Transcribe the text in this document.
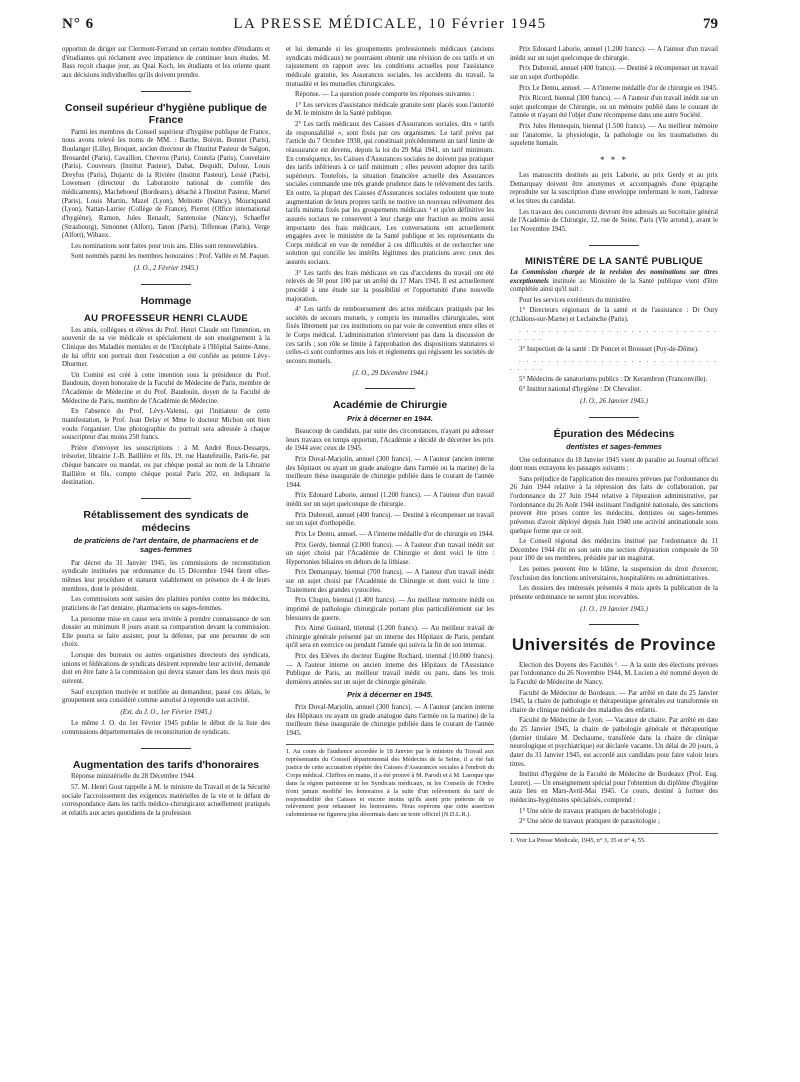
N° 6	LA PRESSE MÉDICALE, 10 Février 1945	79

opportun de diriger sur Clermont-Ferrand un certain nombre d'étudiants et d'étudiantes qui réclament avec impatience de continuer leurs études. M. Bass reçoit chaque jour, au Quai Koch, les étudiants et les oriente quant aux décisions individuelles qu'ils doivent prendre.

Conseil supérieur d'hygiène publique de France

Parmi les membres du Conseil supérieur d'hygiène publique de France, nous avons relevé les noms de MM. : Barthe, Boivin, Bonnet (Paris), Boulanger (Lille), Broquet, ancien directeur de l'Institut Pasteur de Saïgon, Brouardel (Paris), Cavaillon, Chevrou (Paris), Coutela (Paris), Couvelaire (Paris), Couvreurs (Institut Pasteur), Dabat, Dequidt, Dufour, Louis Dreyfus (Paris), Dujarric de la Rivière (Institut Pasteur), Lessé (Paris), Lowensen (directeur du Laboratoire national de contrôle des médicaments), Macheboeuf (Bordeaux), détaché à l'Institut Pasteur, Martel (Paris), Louis Martin, Mazel (Lyon), Melnotte (Nancy), Mouriquand (Lyon), Nattan-Larrier (Collège de France), Pierret (Office international d'hygiène), Ramon, Jules Renault, Santenoise (Nancy), Schaeffer (Strasbourg), Simonnet (Alfort), Tanon (Paris), Tiffeneau (Paris), Verge (Alfort), Wibaux.

Les nominations sont faites pour trois ans. Elles sont renouvelables.

Sont nommés parmi les membres honoraires : Prof. Vallée et M. Paquet.

(J. O., 2 Février 1945.)
Hommage
AU PROFESSEUR HENRI CLAUDE

Les amis, collègues et élèves du Prof. Henri Claude ont l'intention, en souvenir de sa vie médicale et spécialement de son enseignement à la Clinique des Maladies mentales et de l'Encéphale à l'Hôpital Sainte-Anne, de lui offrir son portrait dont l'exécution a été confiée au peintre Lévy-Dhurmer.

Un Comité est créé à cette intention sous la présidence du Prof. Baudouin, doyen honoraire de la Faculté de Médecine de Paris, membre de l'Académie de Médecine et du Prof. Baudouin, doyen de la Faculté de Médecine de Paris, membre de l'Académie de Médecine.

En l'absence du Prof. Lévy-Valensi, qui l'initiateur de cette manifestation, le Prof. Jean Delay et Mme le docteur Michon ont bien voulu l'organiser. Une photographie du portrait sera adressée à chaque souscripteur d'au moins 250 francs.

Prière d'envoyer les souscriptions : à M. André Roux-Dessarps, trésorier, librairie J.-B. Baillière et fils, 19, rue Hautefeuille, Paris-6e, par chèque bancaire ou mandat, ou par chèque postal au nom de la Librairie Baillière et fils, compte chèque postal Paris 202, en indiquant la destination.

Rétablissement des syndicats de médecins
de praticiens de l'art dentaire, de pharmaciens et de sages-femmes

Par décret du 31 Janvier 1945, les commissions de reconstitution syndicale instituées par ordonnance du 15 Décembre 1944 firent elles-mêmes leur procédure et statuent valablement en présence de 4 de leurs membres, dont le président.

Les commissions sont saisies des plaintes portées contre les médecins, praticiens de l'art dentaire, pharmaciens ou sages-femmes.

La personne mise en cause sera invitée à prendre connaissance de son dossier au minimum 8 jours avant sa comparution devant la commission. Elle pourra se faire assister, pour la défense, par une personne de son choix.

Lorsque des bureaux ou autres organismes directeurs des syndicats, unions et fédérations de syndicats désirent reprendre leur activité, demande doit en être faite à la commission qui devra statuer dans les deux mois qui suivent.

Sauf exception motivée et notifiée au demandeur, passé ces délais, le groupement sera considéré comme autorisé à reprendre son activité.

(Ext. du J. O., 1er Février 1945.)

Le même J. O. du 1er Février 1945 publie le début de la liste des commissions départementales de reconstitution de syndicats.

Augmentation des tarifs d'honoraires

Réponse ministérielle du 28 Décembre 1944.

57. M. Henri Gout rappelle à M. le ministre du Travail et de la Sécurité sociale l'accroissement des exigences matérielles de la vie et le défaut de correspondance dans les tarifs médico-chirurgicaux actuellement pratiqués et relatifs aux actes quotidiens de la profession

et lui demande si les groupements professionnels médicaux (anciens syndicats médicaux) ne pourraient obtenir une révision de ces tarifs et un rajustement en rapport avec les conditions actuelles pour l'assistance médicale gratuite, les Assurances sociales, les accidents du travail, la mutualité et les mutuelles chirurgicales.

Réponse. — La question posée comporte les réponses suivantes :

1° Les services d'assistance médicale gratuite sont placés sous l'autorité de M. le ministre de la Santé publique.

2° Les tarifs médicaux des Caisses d'Assurances sociales, dits « tarifs de responsabilité », sont fixés par ces organismes. Le tarif prévu par l'article du 7 Octobre 1938, qui constituait précédemment un tarif limite de réassurance est devenu, depuis la loi du 29 Mai 1941, un tarif minimum. En conséquence, les Caisses d'Assurances sociales ne doivent pas pratiquer des tarifs inférieurs à ce tarif minimum ; elles peuvent adopter des tarifs supérieurs. Toutefois, la situation financière actuelle des Assurances sociales commande une très grande prudence dans le relèvement des tarifs. En outre, la plupart des Caisses d'Assurances sociales redoutent que toute augmentation de leurs propres tarifs ne motive un nouveau relèvement des tarifs minima fixés par les groupements médicaux ¹ et qu'en définitive les assurés sociaux ne conservent à leur charge une fraction au moins aussi importante des frais médicaux. Les conversations ont actuellement engagées avec le ministère de la Santé publique et les représentants du Corps médical en vue de remédier à ces difficultés et de rechercher une solution qui concilie les intérêts légitimes des praticiens avec ceux des assurés sociaux.

3° Les tarifs des frais médicaux en cas d'accidents du travail ont été relevés de 50 pour 100 par un arrêté du 17 Mars 1943. Il est actuellement procédé à une étude sur la possibilité et l'opportunité d'une nouvelle majoration.

4° Les tarifs de remboursement des actes médicaux pratiqués par les sociétés de secours mutuels, y compris les mutuelles chirurgicales, sont fixés librement par ces institutions ou par voie de convention entre elles et le Corps médical. L'administration n'intervient pas dans la discussion de ces tarifs ; son rôle se limite à l'approbation des dispositions statutaires si celles-ci sont conformes aux lois et règlements qui régissent les sociétés de secours mutuels.

(J. O., 29 Décembre 1944.)
Académie de Chirurgie
Prix à décerner en 1944.

Beaucoup de candidats, par suite des circonstances, n'ayant pu adresser leurs travaux en temps opportun, l'Académie a décidé de décerner les prix de 1944 avec ceux de 1945.

Prix Duval-Marjolin, annuel (300 francs). — A l'auteur (ancien interne des hôpitaux ou ayant un grade analogue dans l'armée ou la marine) de la meilleure thèse inaugurale de chirurgie publiée dans le courant de l'année 1944.

Prix Edouard Laborie, annuel (1.200 francs). — A l'auteur d'un travail inédit sur un sujet quelconque de chirurgie.

Prix Dubreuil, annuel (400 francs). — Destiné à récompenser un travail sur un sujet d'orthopédie.

Prix Le Dentu, annuel. — A l'interne médaille d'or de chirurgie en 1944.

Prix Gerdy, biennal (2.000 francs). — A l'auteur d'un travail inédit sur un sujet choisi par l'Académie de Chirurgie et dont voici le titre : Hypertonies biliaires en dehors de la lithiase.

Prix Demarquay, biennal (700 francs). — A l'auteur d'un travail inédit sur un sujet choisi par l'Académie de Chirurgie et dont voici le titre : Traitement des grandes cystocèles.

Prix Chupin, biennal (1.400 francs). — Au meilleur mémoire inédit ou imprimé de pathologie chirurgicale portant plus particulièrement sur les blessures de guerre.

Prix Aimé Guinard, triennal (1.200 francs). — Au meilleur travail de chirurgie générale présenté par un interne des Hôpitaux de Paris, pendant qu'il sera en exercice ou pendant l'année qui suivra la fin de son internat.

Prix des Elèves du docteur Eugène Rochard, triennal (10.000 francs). — A l'auteur interne ou ancien interne des Hôpitaux de l'Assistance Publique de Paris, au meilleur travail inédit ou paru, dans les trois dernières années sur un sujet de chirurgie générale.

Prix à décerner en 1945.

Prix Duval-Marjolin, annuel (300 francs). — A l'auteur (ancien interne des Hôpitaux ou ayant un grade analogue dans l'armée ou la marine) de la meilleure thèse inaugurale de chirurgie publiée dans le courant de l'année 1945.

1. Au cours de l'audience accordée le 18 Janvier par le ministre du Travail aux représentants du Conseil départemental des Médecins de la Seine, il a été fait justice de cette accusation répétée des Caisses d'Assurances sociales à l'endroit du Corps médical. Chiffres en mains, il a été prouvé à M. Parodi et à M. Laroque que dans la région parisienne ni les Syndicats médicaux, ni les Conseils de l'Ordre n'ont jamais modifié les honoraires à la suite d'un relèvement du tarif de responsabilité des Caisses et encore moins qu'ils aient pris prétexte de ce relèvement pour rehausser les honoraires. Nous espérons que cette assertion calomnieuse ne figurera plus désormais dans un texte officiel (N.D.L.R.).

Prix Edouard Laborie, annuel (1.200 francs). — A l'auteur d'un travail inédit sur un sujet quelconque de chirurgie.

Prix Dubreuil, annuel (400 francs). — Destiné à récompenser un travail sur un sujet d'orthopédie.

Prix Le Dentu, annuel. — A l'interne médaille d'or de chirurgie en 1945.

Prix Ricord, biennal (300 francs). — A l'auteur d'un travail inédit sur un sujet quelconque de Chirurgie, ou un mémoire publié dans le courant de l'année et n'ayant été l'objet d'une récompense dans une autre Société.

Prix Jules Hennequin, biennal (1.500 francs). — Au meilleur mémoire sur l'anatomie, la physiologie, la pathologie ou les traumatismes du squelette humain.

* * *

Les manuscrits destinés au prix Laborie, au prix Gerdy et au prix Demarquay doivent être anonymes et accompagnés d'une épigraphe reproduite sur la suscription d'une enveloppe renfermant le nom, l'adresse et les titres du candidat.

Les travaux des concurrents devront être adressés au Secrétaire général de l'Académie de Chirurgie, 12, rue de Seine, Paris (VIe arrond.), avant le 1er Novembre 1945.

MINISTÈRE DE LA SANTÉ PUBLIQUE

La Commission chargée de la revision des nominations sur titres exceptionnels instituée au Ministère de la Santé publique vient d'être complétée ainsi qu'il suit :

Pour les services extérieurs du ministère.

1° Directeurs régionaux de la santé et de l'assistance : Dr Oury (Châlons-sur-Marne) et Leclainche (Paris).

. . . . . . . . . . . . . . . . . . . . . . . . . . . . . . . .

3° Inspection de la santé : Dr Poncet et Brousset (Puy-de-Dôme).

. . . . . . . . . . . . . . . . . . . . . . . . . . . . . . . .

5° Médecins de sanatoriums publics : Dr Kerambrun (Franconville).

6° Institut national d'hygiène : Dr Chevalier.

(J. O., 26 Janvier 1945.)
Épuration des Médecins
dentistes et sages-femmes

Une ordonnance du 18 Janvier 1945 vient de paraître au Journal officiel dont nous extrayons les passages suivants :

Sans préjudice de l'application des mesures prévues par l'ordonnance du 26 Juin 1944 relative à la répression des faits de collaboration, par l'ordonnance du 27 Juin 1944 relative à l'épuration administrative, par l'ordonnance du 26 Août 1944 instituant l'indignité nationale, des sanctions peuvent être prises contre les médecins, dentistes ou sages-femmes prévenus d'avoir déployé depuis Juin 1940 une activité antinationale sous quelque forme que ce soit.

Le Conseil régional des médecins institué par l'ordonnance du 11 Décembre 1944 élit en son sein une section d'épuration composée de 50 pour 100 de ses membres, présidée par un magistrat.

Les peines peuvent être le blâme, la suspension du droit d'exercer, l'exclusion des fonctions universitaires, hospitalières ou administratives.

Les dossiers des intéressés présentés 4 mois après la publication de la présente ordonnance ne seront plus recevables.

(J. O., 19 Janvier 1945.)
Universités de Province

Election des Doyens des Facultés ¹. — A la suite des élections prévues par l'ordonnance du 26 Novembre 1944, M. Lucien a été nommé doyen de la Faculté de Médecine de Nancy.

Faculté de Médecine de Bordeaux. — Par arrêté en date du 25 Janvier 1945, la chaire de pathologie et thérapeutique générales est transformée en chaire de clinique médicale des maladies des enfants.

Faculté de Médecine de Lyon. — Vacance de chaire. Par arrêté en date du 25 Janvier 1945, la chaire de pathologie générale et thérapeutique (dernier titulaire M. Dechaume, transférée dans la chaire de clinique neurologique et psychiatrique) est déclarée vacante. Un délai de 20 jours, à dater du 31 Janvier 1945, est accordé aux candidats pour faire valoir leurs titres.

Institut d'hygiène de la Faculté de Médecine de Bordeaux (Prof. Eug. Leuret). — Un enseignement spécial pour l'obtention du diplôme d'hygiène aura lieu en Mars-Avril-Mai 1945. Ce cours, destiné à former des médecins-hygiénistes spécialisés, comprend :

1° Une série de travaux pratiques de bactériologie ;

2° Une série de travaux pratiques de parasitologie ;

1. Voir La Presse Médicale, 1945, n° 3, 35 et n° 4, 55.
